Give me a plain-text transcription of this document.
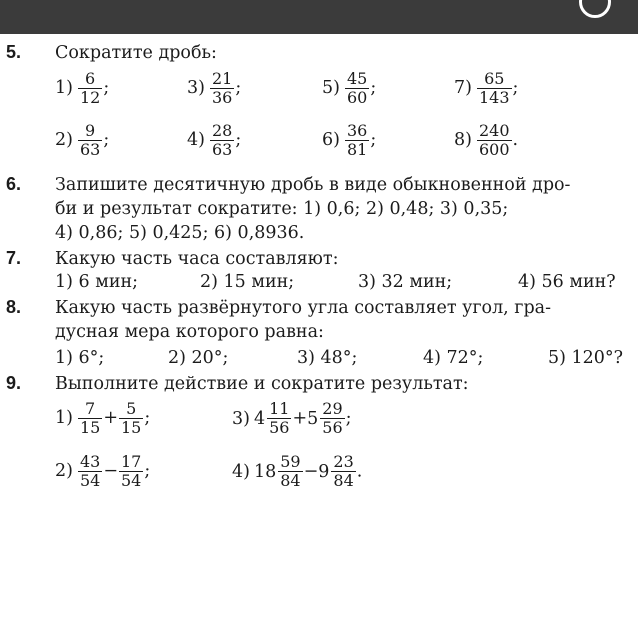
5. Сократите дробь:
$1) \frac{6}{12}$ ;	$3) \frac{21}{36}$ ;	$5) \frac{45}{60}$ ;	$7) \frac{65}{143}$ ;
$2) \frac{9}{63}$ ;	$4) \frac{28}{63}$ ;	$6) \frac{36}{81}$ ;	$8) \frac{240}{600}$ .
6. Запишите десятичную дробь в виде обыкновенной дро-
би и результат сократите: 1) 0,6; 2) 0,48; 3) 0,35;
4) 0,86; 5) 0,425; 6) 0,8936.
7. Какую часть часа составляют:
1) 6 мин;	2) 15 мин;	3) 32 мин;	4) 56 мин?
8. Какую часть развёрнутого угла составляет угол, гра-
дусная мера которого равна:
1) 6°;	2) 20°;	3) 48°;	4) 72°;	5) 120°?
9. Выполните действие и сократите результат:
$1) \frac{7}{15} + \frac{5}{15}$ ;	3) $4 \frac{11}{56} + 5 \frac{29}{56}$ ;
$2) \frac{43}{54} - \frac{17}{54}$ ;	4) $18 \frac{59}{84} - 9 \frac{23}{84}$ .
